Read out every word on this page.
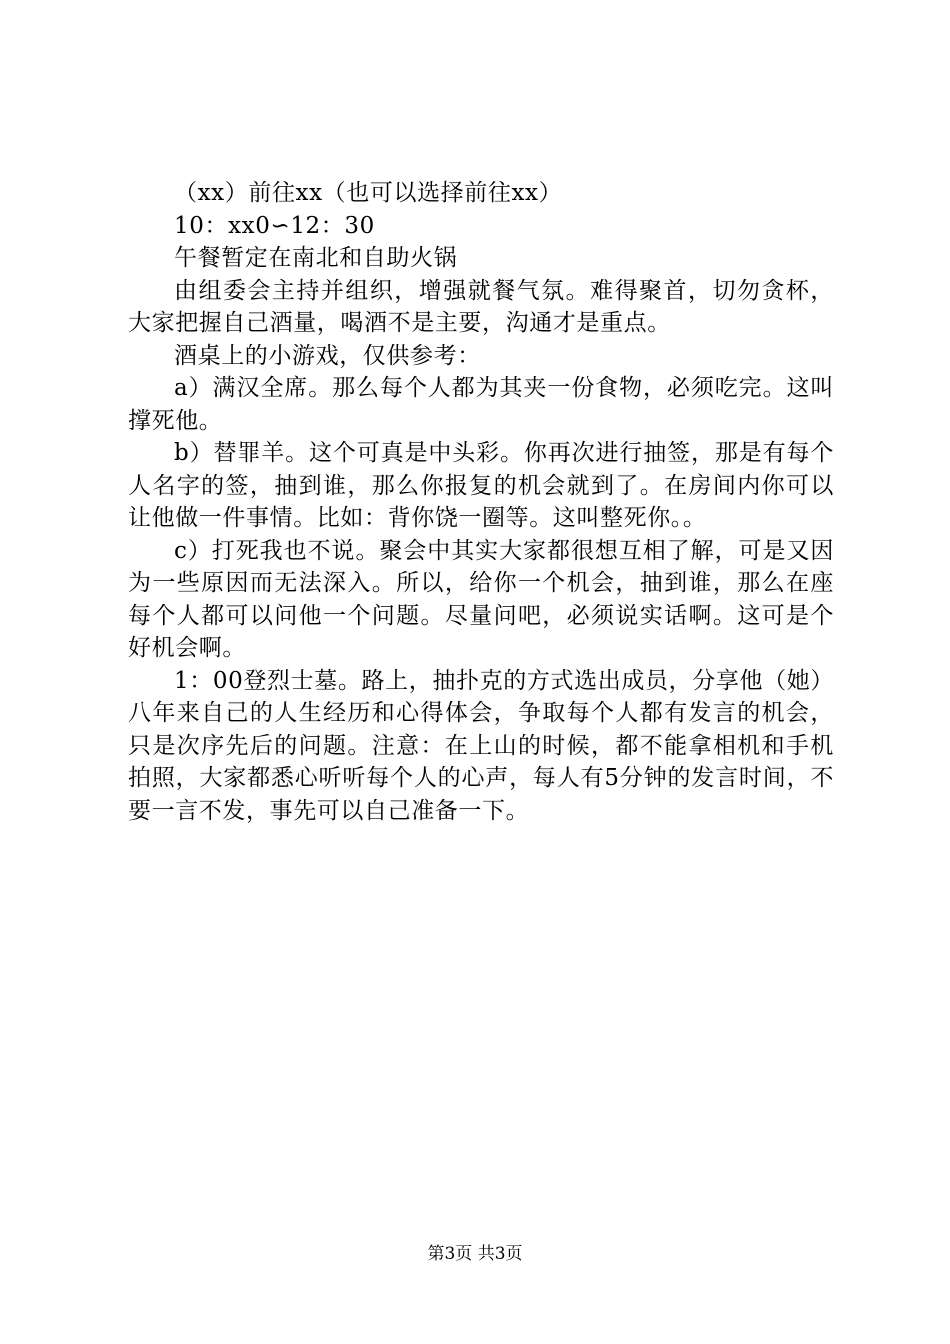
（xx）前往xx（也可以选择前往xx）

10：xx0∽12：30

午餐暂定在南北和自助火锅

由组委会主持并组织，增强就餐气氛。难得聚首，切勿贪杯，大家把握自己酒量，喝酒不是主要，沟通才是重点。

酒桌上的小游戏，仅供参考：

a）满汉全席。那么每个人都为其夹一份食物，必须吃完。这叫撑死他。

b）替罪羊。这个可真是中头彩。你再次进行抽签，那是有每个人名字的签，抽到谁，那么你报复的机会就到了。在房间内你可以让他做一件事情。比如：背你饶一圈等。这叫整死你。。

c）打死我也不说。聚会中其实大家都很想互相了解，可是又因为一些原因而无法深入。所以，给你一个机会，抽到谁，那么在座每个人都可以问他一个问题。尽量问吧，必须说实话啊。这可是个好机会啊。

1：00登烈士墓。路上，抽扑克的方式选出成员，分享他（她）八年来自己的人生经历和心得体会，争取每个人都有发言的机会，只是次序先后的问题。注意：在上山的时候，都不能拿相机和手机拍照，大家都悉心听听每个人的心声，每人有5分钟的发言时间，不要一言不发，事先可以自己准备一下。

第3页 共3页
